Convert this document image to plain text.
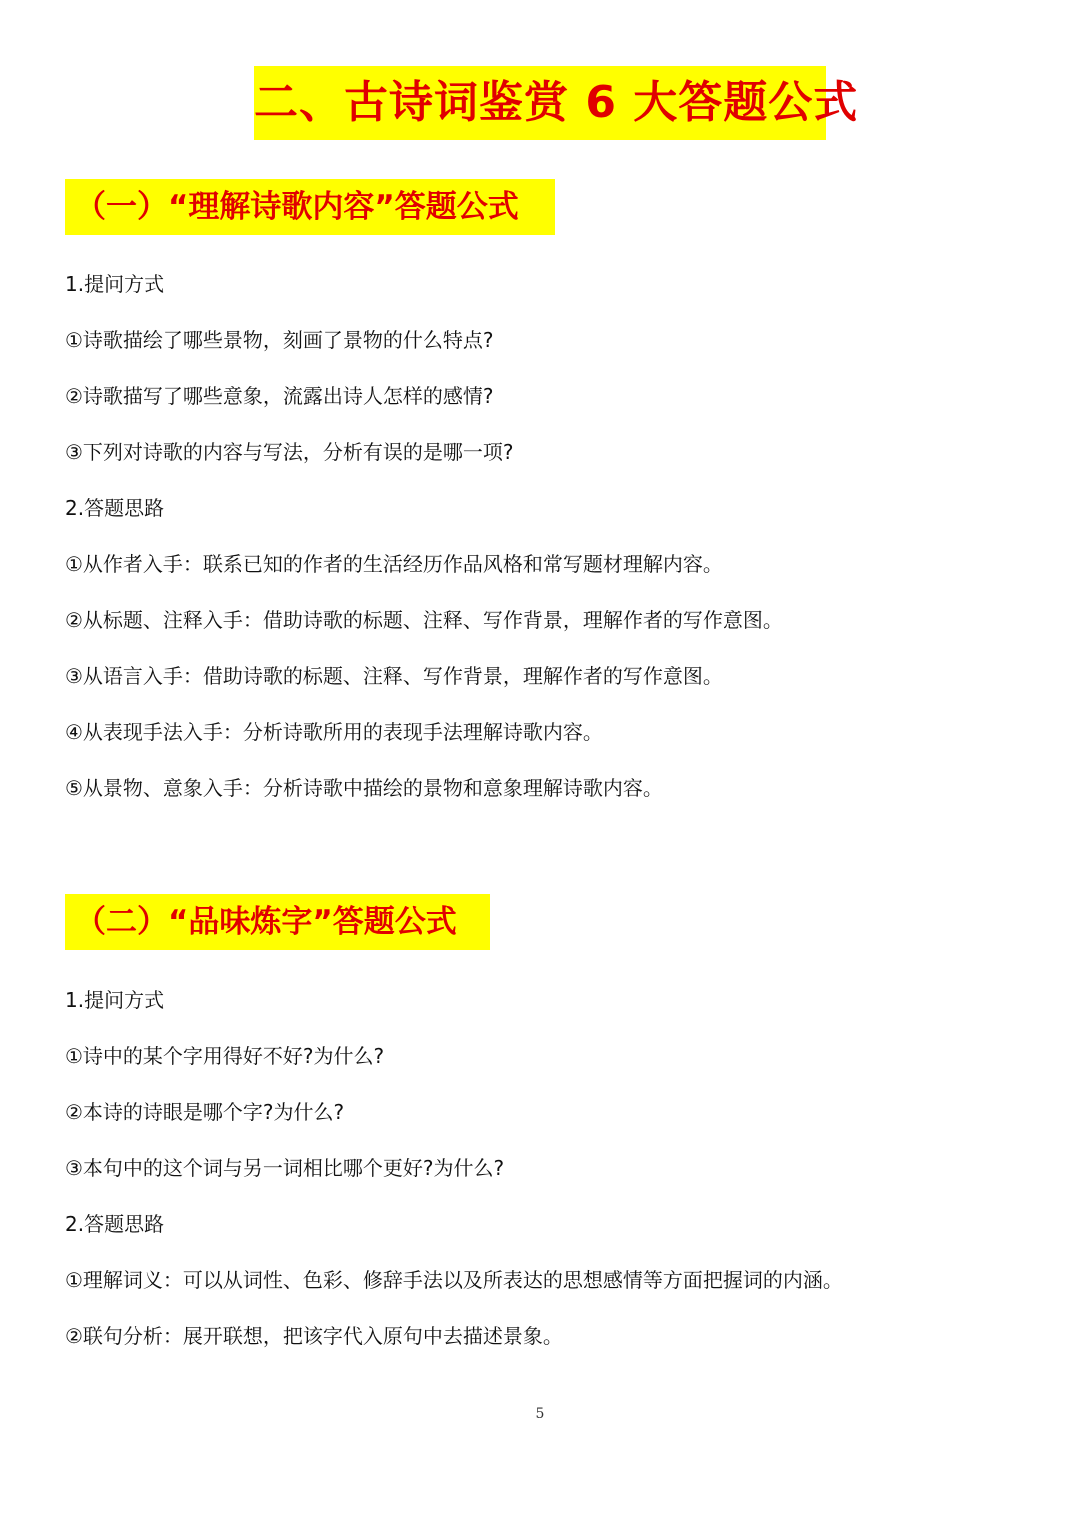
二、古诗词鉴赏 6 大答题公式
（一）“理解诗歌内容”答题公式
1.提问方式
①诗歌描绘了哪些景物，刻画了景物的什么特点?
②诗歌描写了哪些意象，流露出诗人怎样的感情?
③下列对诗歌的内容与写法，分析有误的是哪一项?
2.答题思路
①从作者入手：联系已知的作者的生活经历作品风格和常写题材理解内容。
②从标题、注释入手：借助诗歌的标题、注释、写作背景，理解作者的写作意图。
③从语言入手：借助诗歌的标题、注释、写作背景，理解作者的写作意图。
④从表现手法入手：分析诗歌所用的表现手法理解诗歌内容。
⑤从景物、意象入手：分析诗歌中描绘的景物和意象理解诗歌内容。
（二）“品味炼字”答题公式
1.提问方式
①诗中的某个字用得好不好?为什么?
②本诗的诗眼是哪个字?为什么?
③本句中的这个词与另一词相比哪个更好?为什么?
2.答题思路
①理解词义：可以从词性、色彩、修辞手法以及所表达的思想感情等方面把握词的内涵。
②联句分析：展开联想，把该字代入原句中去描述景象。
5
